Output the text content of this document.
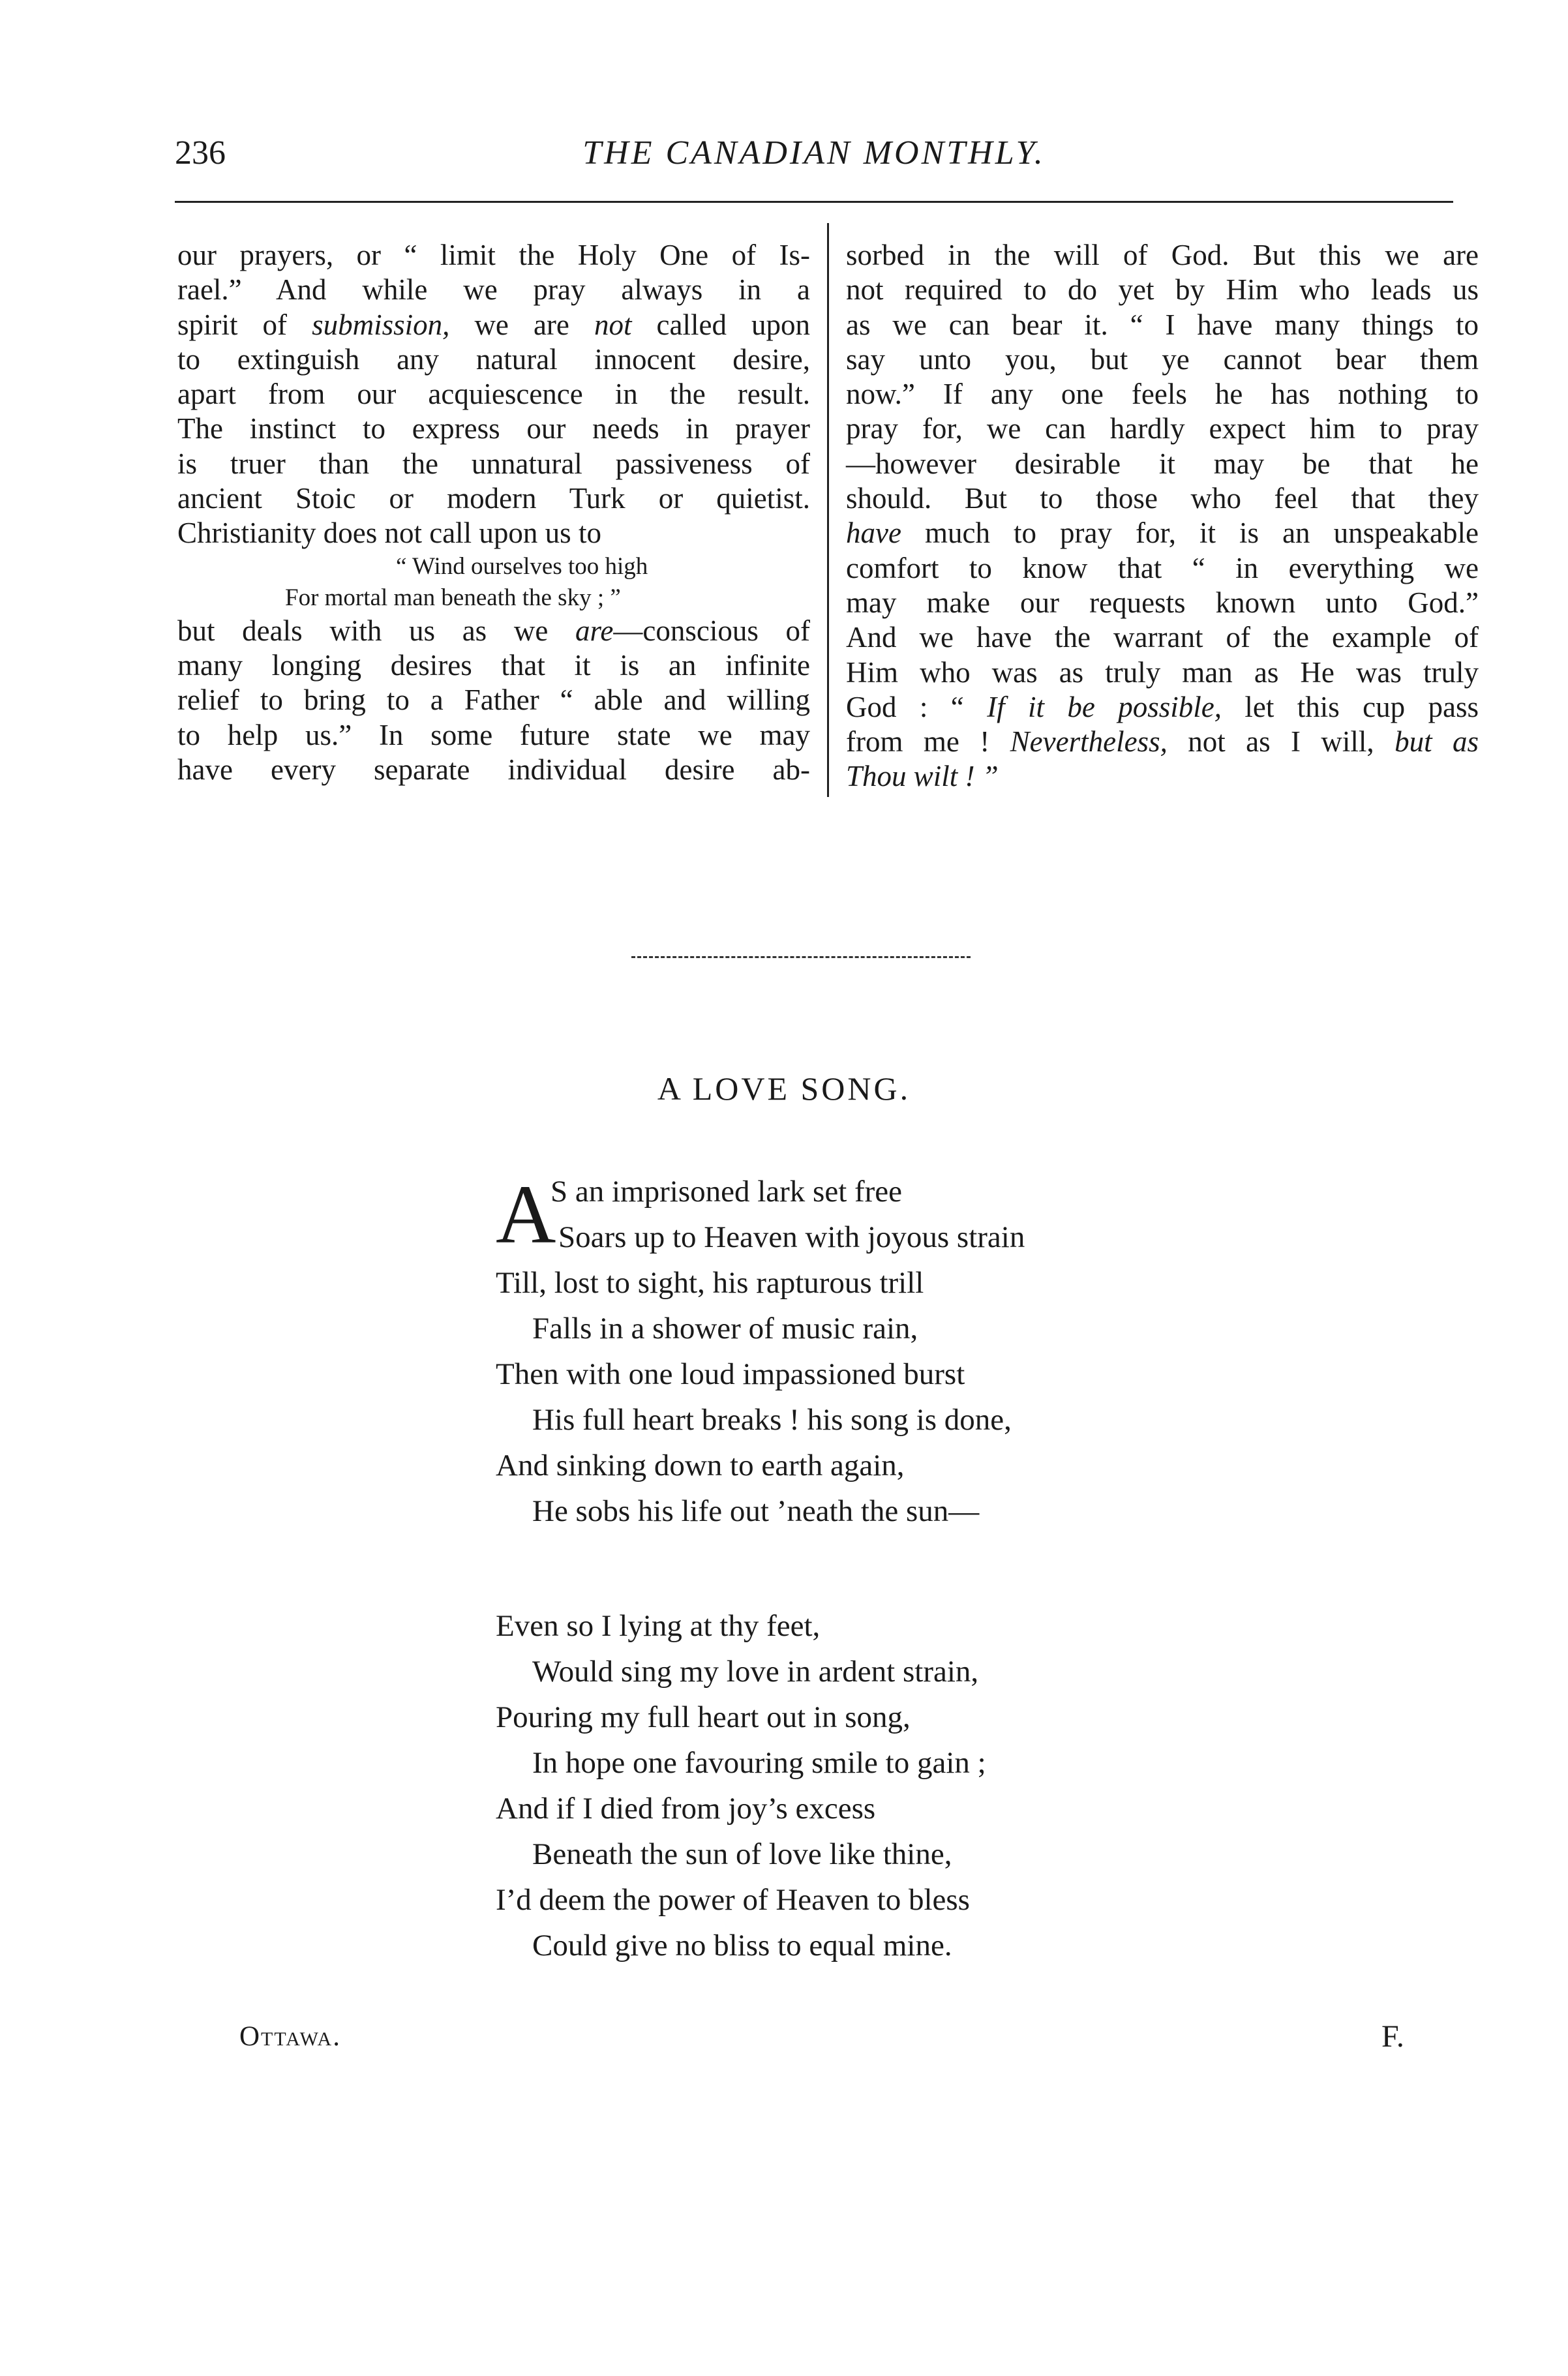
THE CANADIAN MONTHLY.
236
our prayers, or “ limit the Holy One of Is-
rael.” And while we pray always in a
spirit of submission, we are not called upon
to extinguish any natural innocent desire,
apart from our acquiescence in the result.
The instinct to express our needs in prayer
is truer than the unnatural passiveness of
ancient Stoic or modern Turk or quietist.
Christianity does not call upon us to
“ Wind ourselves too high
For mortal man beneath the sky ; ”
but deals with us as we are—conscious of
many longing desires that it is an infinite
relief to bring to a Father “ able and willing
to help us.” In some future state we may
have every separate individual desire ab-
sorbed in the will of God. But this we are
not required to do yet by Him who leads us
as we can bear it. “ I have many things to
say unto you, but ye cannot bear them
now.” If any one feels he has nothing to
pray for, we can hardly expect him to pray
—however desirable it may be that he
should. But to those who feel that they
have much to pray for, it is an unspeakable
comfort to know that “ in everything we
may make our requests known unto God.”
And we have the warrant of the example of
Him who was as truly man as He was truly
God : “ If it be possible, let this cup pass
from me ! Nevertheless, not as I will, but as
Thou wilt ! ”
A LOVE SONG.
A
S an imprisoned lark set free
Soars up to Heaven with joyous strain
Till, lost to sight, his rapturous trill
Falls in a shower of music rain,
Then with one loud impassioned burst
His full heart breaks ! his song is done,
And sinking down to earth again,
He sobs his life out ’neath the sun—
Even so I lying at thy feet,
Would sing my love in ardent strain,
Pouring my full heart out in song,
In hope one favouring smile to gain ;
And if I died from joy’s excess
Beneath the sun of love like thine,
I’d deem the power of Heaven to bless
Could give no bliss to equal mine.
Ottawa.	F.
